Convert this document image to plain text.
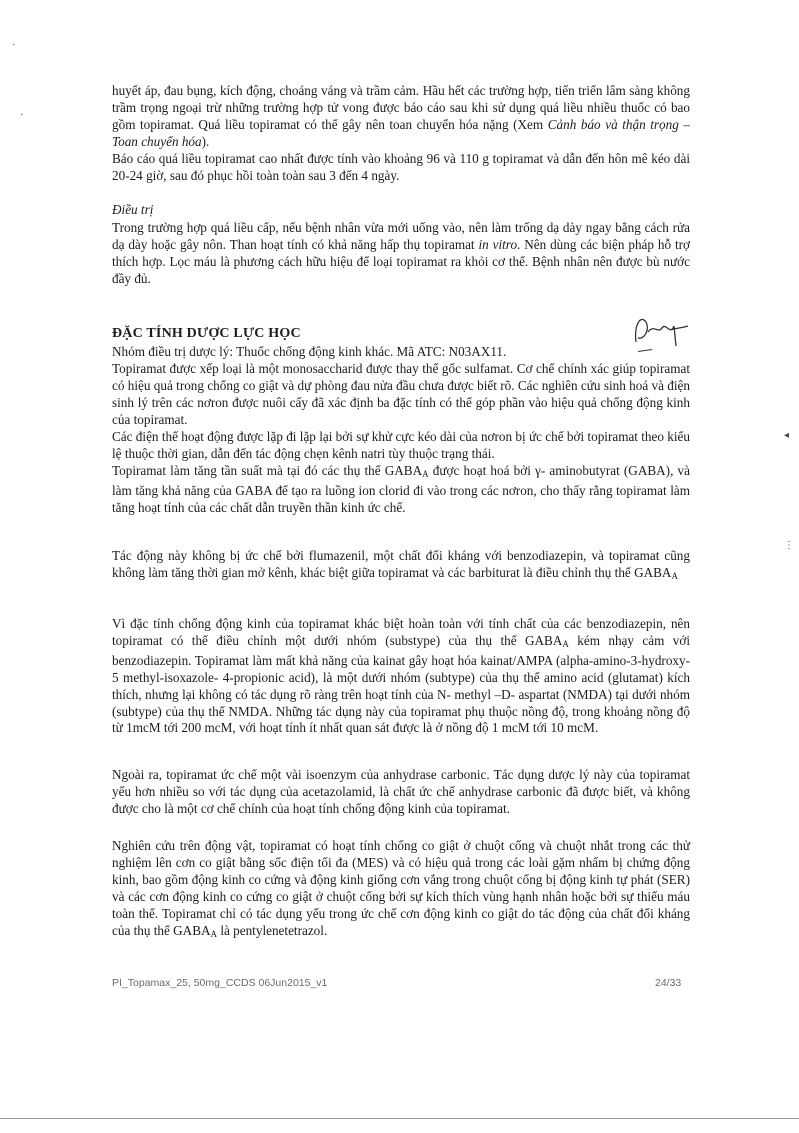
huyết áp, đau bụng, kích động, choáng váng và trầm cảm. Hầu hết các trường hợp, tiến triển lâm sàng không trầm trọng ngoại trừ những trường hợp tử vong được báo cáo sau khi sử dụng quá liều nhiều thuốc có bao gồm topiramat. Quá liều topiramat có thể gây nên toan chuyển hóa nặng (Xem Cảnh báo và thận trọng – Toan chuyển hóa).

Báo cáo quá liều topiramat cao nhất được tính vào khoảng 96 và 110 g topiramat và dẫn đến hôn mê kéo dài 20-24 giờ, sau đó phục hồi toàn toàn sau 3 đến 4 ngày.

Điều trị

Trong trường hợp quá liều cấp, nếu bệnh nhân vừa mới uống vào, nên làm trống dạ dày ngay bằng cách rửa dạ dày hoặc gây nôn. Than hoạt tính có khả năng hấp thụ topiramat in vitro. Nên dùng các biện pháp hỗ trợ thích hợp. Lọc máu là phương cách hữu hiệu để loại topiramat ra khỏi cơ thể. Bệnh nhân nên được bù nước đầy đủ.

ĐẶC TÍNH DƯỢC LỰC HỌC

Nhóm điều trị dược lý: Thuốc chống động kinh khác. Mã ATC: N03AX11.

Topiramat được xếp loại là một monosaccharid được thay thế gốc sulfamat. Cơ chế chính xác giúp topiramat có hiệu quả trong chống co giật và dự phòng đau nửa đầu chưa được biết rõ. Các nghiên cứu sinh hoá và điện sinh lý trên các nơron được nuôi cấy đã xác định ba đặc tính có thể góp phần vào hiệu quả chống động kinh của topiramat.

Các điện thế hoạt động được lặp đi lặp lại bởi sự khử cực kéo dài của nơron bị ức chế bởi topiramat theo kiểu lệ thuộc thời gian, dẫn đến tác động chẹn kênh natri tùy thuộc trạng thái.

Topiramat làm tăng tần suất mà tại đó các thụ thể $GABA_A$ được hoạt hoá bởi γ- aminobutyrat (GABA), và làm tăng khả năng của GABA để tạo ra luồng ion clorid đi vào trong các nơron, cho thấy rằng topiramat làm tăng hoạt tính của các chất dẫn truyền thần kinh ức chế.

Tác động này không bị ức chế bởi flumazenil, một chất đối kháng với benzodiazepin, và topiramat cũng không làm tăng thời gian mở kênh, khác biệt giữa topiramat và các barbiturat là điều chỉnh thụ thể $GABA_A$

Vì đặc tính chống động kinh của topiramat khác biệt hoàn toàn với tính chất của các benzodiazepin, nên topiramat có thể điều chỉnh một dưới nhóm (substype) của thụ thể $GABA_A$ kém nhạy cảm với benzodiazepin. Topiramat làm mất khả năng của kainat gây hoạt hóa kainat/AMPA (alpha-amino-3-hydroxy-5 methyl-isoxazole- 4-propionic acid), là một dưới nhóm (subtype) của thụ thể amino acid (glutamat) kích thích, nhưng lại không có tác dụng rõ ràng trên hoạt tính của N- methyl –D- aspartat (NMDA) tại dưới nhóm (subtype) của thụ thể NMDA. Những tác dụng này của topiramat phụ thuộc nồng độ, trong khoảng nồng độ từ 1mcM tới 200 mcM, với hoạt tính ít nhất quan sát được là ở nồng độ 1 mcM tới 10 mcM.

Ngoài ra, topiramat ức chế một vài isoenzym của anhydrase carbonic. Tác dụng dược lý này của topiramat yếu hơn nhiều so với tác dụng của acetazolamid, là chất ức chế anhydrase carbonic đã được biết, và không được cho là một cơ chế chính của hoạt tính chống động kinh của topiramat.

Nghiên cứu trên động vật, topiramat có hoạt tính chống co giật ở chuột cống và chuột nhắt trong các thử nghiệm lên cơn co giật bằng sốc điện tối đa (MES) và có hiệu quả trong các loài gặm nhấm bị chứng động kinh, bao gồm động kinh co cứng và động kinh giống cơn vắng trong chuột cống bị động kinh tự phát (SER) và các cơn động kinh co cứng co giật ở chuột cống bởi sự kích thích vùng hạnh nhân hoặc bởi sự thiếu máu toàn thể. Topiramat chỉ có tác dụng yếu trong ức chế cơn động kinh co giật do tác động của chất đối kháng của thụ thể $GABA_A$ là pentylenetetrazol.

PI_Topamax_25, 50mg_CCDS 06Jun2015_v1	24/33
·
·
◂
⋮
